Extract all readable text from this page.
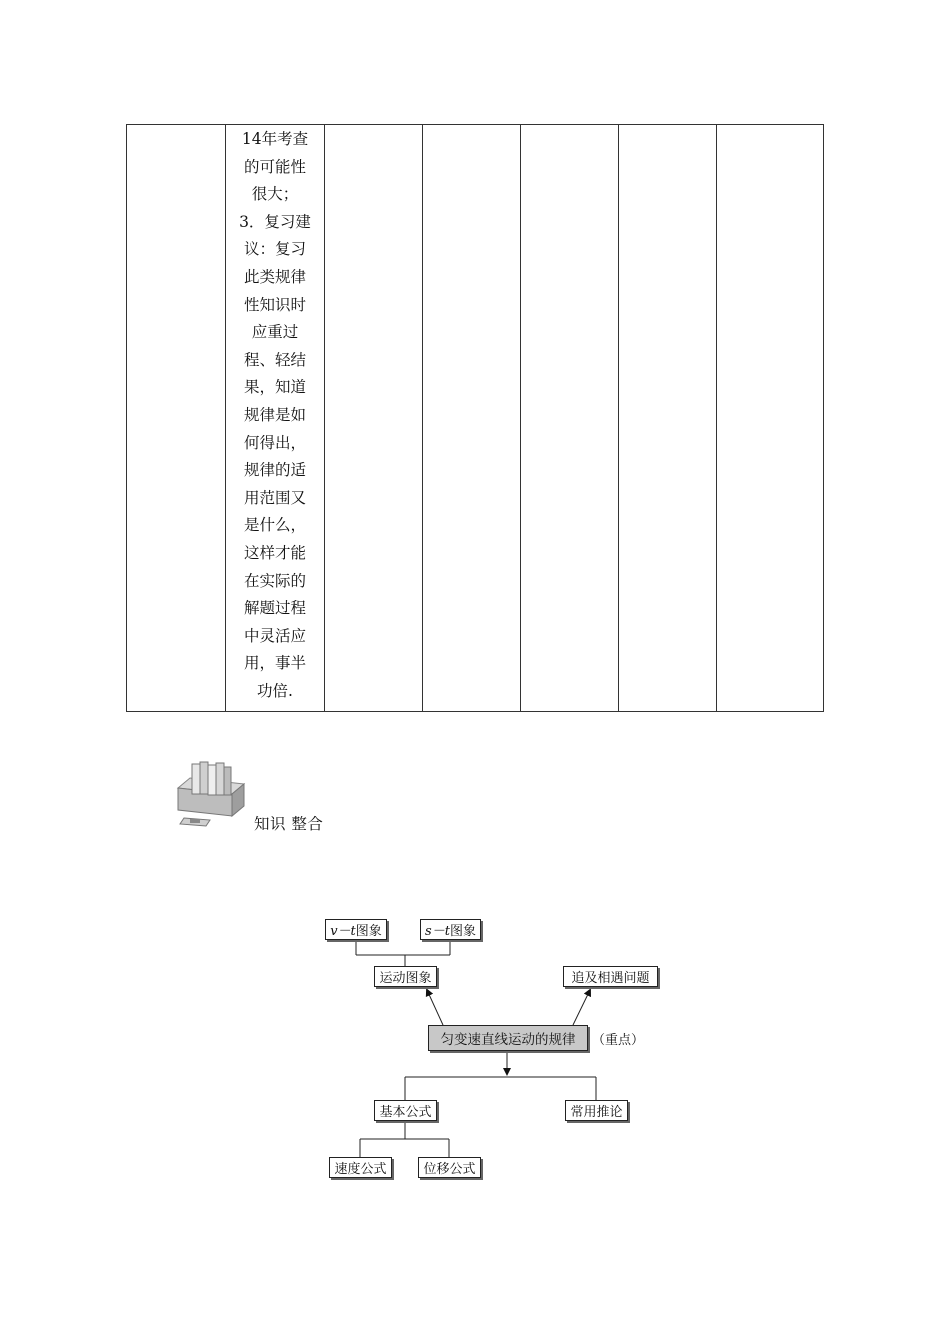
14年考查
的可能性
很大；
3．复习建
议：复习
此类规律
性知识时
应重过
程、轻结
果，知道
规律是如
何得出，
规律的适
用范围又
是什么，
这样才能
在实际的
解题过程
中灵活应
用，事半
功倍.

知识 整合
v－t 图象	s－t 图象
运动图象	追及相遇问题
匀变速直线运动的规律	（重点）
基本公式	常用推论
速度公式	位移公式
